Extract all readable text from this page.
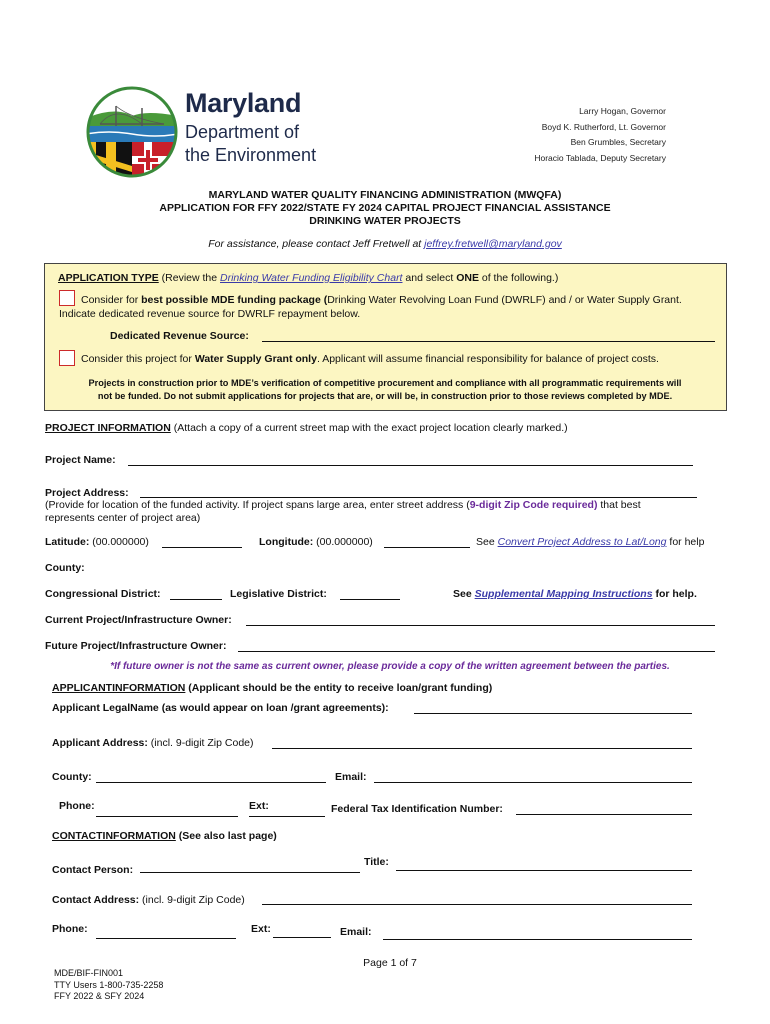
Maryland
Department of
the Environment
Larry Hogan, Governor
Boyd K. Rutherford, Lt. Governor
Ben Grumbles, Secretary
Horacio Tablada, Deputy Secretary
MARYLAND WATER QUALITY FINANCING ADMINISTRATION (MWQFA)
APPLICATION FOR FFY 2022/STATE FY 2024 CAPITAL PROJECT FINANCIAL ASSISTANCE
DRINKING WATER PROJECTS
For assistance, please contact Jeff Fretwell at jeffrey.fretwell@maryland.gov
APPLICATION TYPE (Review the Drinking Water Funding Eligibility Chart and select ONE of the following.)
Consider for best possible MDE funding package (Drinking Water Revolving Loan Fund (DWRLF) and / or Water Supply Grant.
Indicate dedicated revenue source for DWRLF repayment below.
Dedicated Revenue Source:
Consider this project for Water Supply Grant only. Applicant will assume financial responsibility for balance of project costs.
Projects in construction prior to MDE’s verification of competitive procurement and compliance with all programmatic requirements will
not be funded. Do not submit applications for projects that are, or will be, in construction prior to those reviews completed by MDE.
PROJECT INFORMATION (Attach a copy of a current street map with the exact project location clearly marked.)
Project Name:
Project Address:
(Provide for location of the funded activity. If project spans large area, enter street address (9-digit Zip Code required) that best
represents center of project area)
Latitude: (00.000000)	Longitude: (00.000000)	See Convert Project Address to Lat/Long for help
County:
Congressional District:	Legislative District:	See Supplemental Mapping Instructions for help.
Current Project/Infrastructure Owner:
Future Project/Infrastructure Owner:
*If future owner is not the same as current owner, please provide a copy of the written agreement between the parties.
APPLICANTINFORMATION (Applicant should be the entity to receive loan/grant funding)
Applicant LegalName (as would appear on loan /grant agreements):
Applicant Address: (incl. 9-digit Zip Code)
County:	Email:
Phone:	Ext:	Federal Tax Identification Number:
CONTACTINFORMATION (See also last page)
Contact Person:
Title:
Contact Address: (incl. 9-digit Zip Code)
Phone:	Ext:	Email:
Page 1 of 7
MDE/BIF-FIN001
TTY Users 1-800-735-2258
FFY 2022 & SFY 2024
